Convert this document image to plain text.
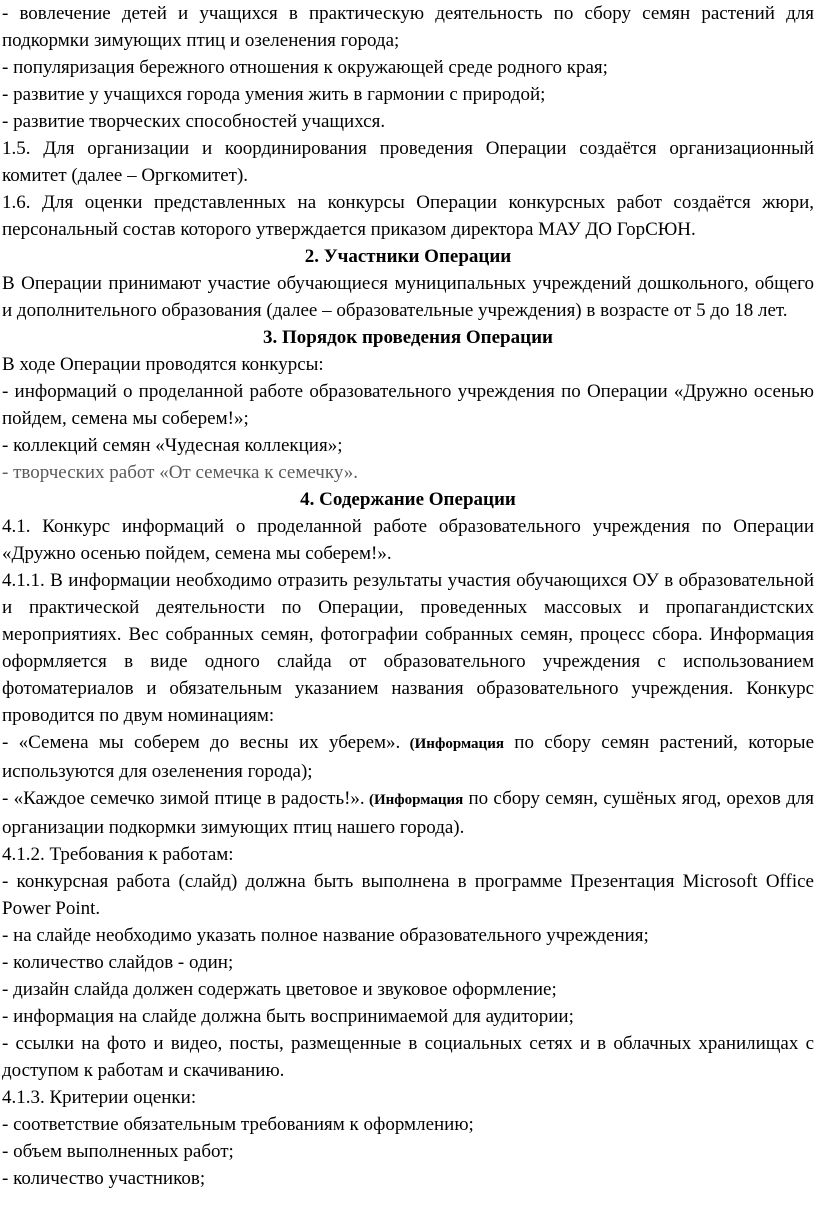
- вовлечение детей и учащихся в практическую деятельность по сбору семян растений для подкормки зимующих птиц и озеленения города;

- популяризация бережного отношения к окружающей среде родного края;

- развитие у учащихся города умения жить в гармонии с природой;

- развитие творческих способностей учащихся.

1.5. Для организации и координирования проведения Операции создаётся организационный комитет (далее – Оргкомитет).

1.6. Для оценки представленных на конкурсы Операции конкурсных работ создаётся жюри, персональный состав которого утверждается приказом директора МАУ ДО ГорСЮН.

2. Участники Операции

В Операции принимают участие обучающиеся муниципальных учреждений дошкольного, общего и дополнительного образования (далее – образовательные учреждения) в возрасте от 5 до 18 лет.

3. Порядок проведения Операции

В ходе Операции проводятся конкурсы:

- информаций о проделанной работе образовательного учреждения по Операции «Дружно осенью пойдем, семена мы соберем!»;

- коллекций семян «Чудесная коллекция»;

- творческих работ «От семечка к семечку».

4. Содержание Операции

4.1. Конкурс информаций о проделанной работе образовательного учреждения по Операции «Дружно осенью пойдем, семена мы соберем!».

4.1.1. В информации необходимо отразить результаты участия обучающихся ОУ в образовательной и практической деятельности по Операции, проведенных массовых и пропагандистских мероприятиях. Вес собранных семян, фотографии собранных семян, процесс сбора. Информация оформляется в виде одного слайда от образовательного учреждения с использованием фотоматериалов и обязательным указанием названия образовательного учреждения. Конкурс проводится по двум номинациям:

- «Семена мы соберем до весны их уберем». (Информация по сбору семян растений, которые используются для озеленения города);

- «Каждое семечко зимой птице в радость!». (Информация по сбору семян, сушёных ягод, орехов для организации подкормки зимующих птиц нашего города).

4.1.2. Требования к работам:

- конкурсная работа (слайд) должна быть выполнена в программе Презентация Microsoft Office Power Point.

- на слайде необходимо указать полное название образовательного учреждения;

- количество слайдов - один;

- дизайн слайда должен содержать цветовое и звуковое оформление;

- информация на слайде должна быть воспринимаемой для аудитории;

- ссылки на фото и видео, посты, размещенные в социальных сетях и в облачных хранилищах с доступом к работам и скачиванию.

4.1.3. Критерии оценки:

- соответствие обязательным требованиям к оформлению;

- объем выполненных работ;

- количество участников;
